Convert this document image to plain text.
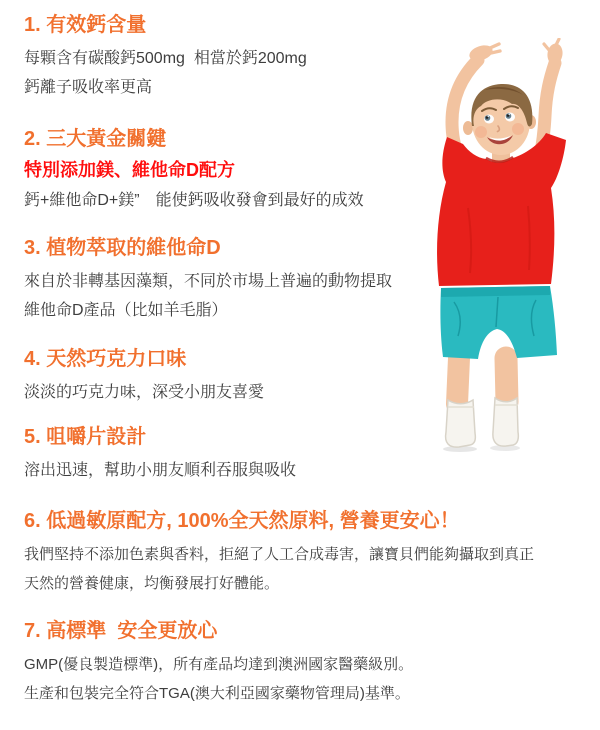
1. 有效鈣含量

每顆含有碳酸鈣500mg  相當於鈣200mg

鈣離子吸收率更高

2. 三大黃金關鍵

特別添加鎂、維他命D配方

鈣+維他命D+鎂”　能使鈣吸收發會到最好的成效

3. 植物萃取的維他命D

來自於非轉基因藻類，不同於市場上普遍的動物提取

維他命D產品（比如羊毛脂）

4. 天然巧克力口味

淡淡的巧克力味，深受小朋友喜愛

5. 咀嚼片設計

溶出迅速，幫助小朋友順利吞服與吸收

6. 低過敏原配方, 100%全天然原料, 營養更安心！

我們堅持不添加色素與香料，拒絕了人工合成毒害，讓寶貝們能夠攝取到真正

天然的營養健康，均衡發展打好體能。

7. 高標準  安全更放心

GMP(優良製造標準)，所有產品均達到澳洲國家醫藥級別。

生產和包裝完全符合TGA(澳大利亞國家藥物管理局)基準。
